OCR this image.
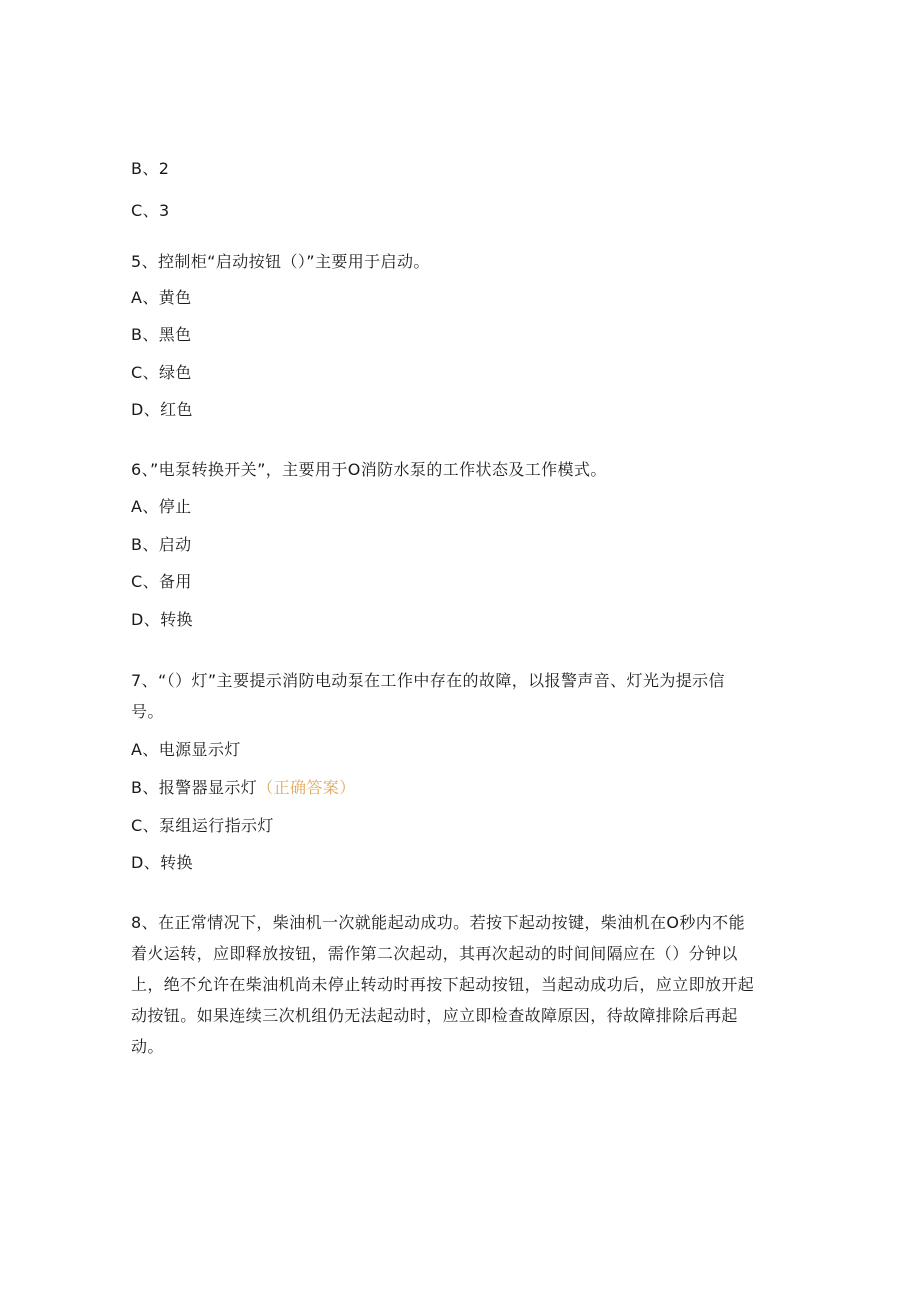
B、2
C、3
5、控制柜“启动按钮（）”主要用于启动。
A、黄色
B、黑色
C、绿色
D、红色
6、”电泵转换开关”，主要用于O消防水泵的工作状态及工作模式。
A、停止
B、启动
C、备用
D、转换
7、“（）灯”主要提示消防电动泵在工作中存在的故障，以报警声音、灯光为提示信
号。
A、电源显示灯
B、报警器显示灯（正确答案）
C、泵组运行指示灯
D、转换
8、在正常情况下，柴油机一次就能起动成功。若按下起动按键，柴油机在O秒内不能
着火运转，应即释放按钮，需作第二次起动，其再次起动的时间间隔应在（）分钟以
上，绝不允许在柴油机尚未停止转动时再按下起动按钮，当起动成功后，应立即放开起
动按钮。如果连续三次机组仍无法起动时，应立即检查故障原因，待故障排除后再起
动。
